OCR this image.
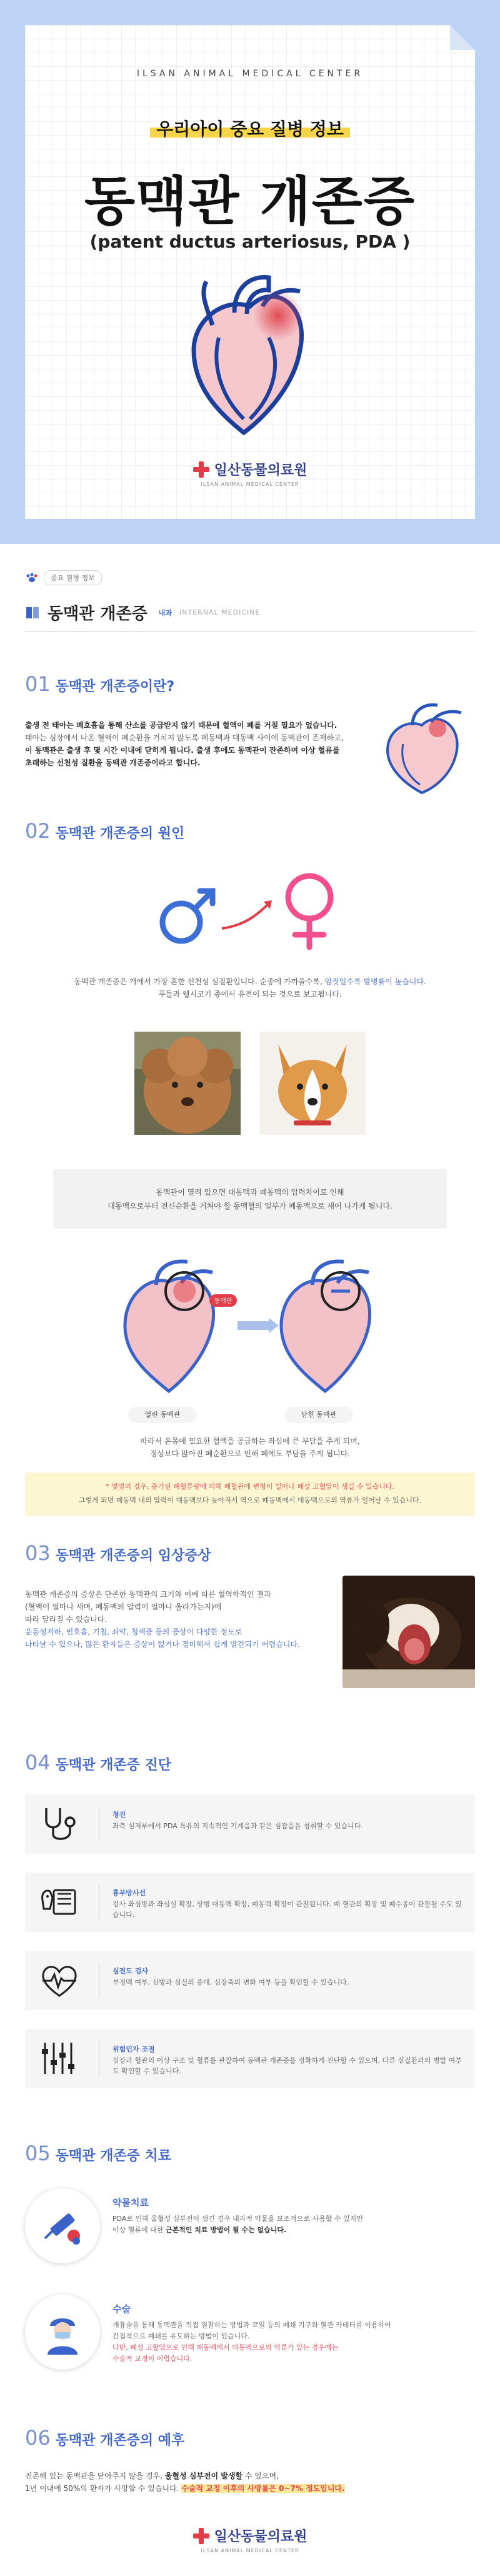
ILSAN ANIMAL MEDICAL CENTER
우리아이 중요 질병 정보
동맥관 개존증
(patent ductus arteriosus, PDA )
일산동물의료원
ILSAN ANIMAL MEDICAL CENTER
중요 질병 정보
동맥관 개존증 내과 INTERNAL MEDICINE
01 동맥관 개존증이란?
출생 전 태아는 폐호흡을 통해 산소를 공급받지 않기 때문에 혈액이 폐를 거칠 필요가 없습니다.
태아는 심장에서 나온 혈액이 폐순환을 거치지 않도록 폐동맥과 대동맥 사이에 동맥관이 존재하고,
이 동맥관은 출생 후 몇 시간 이내에 닫히게 됩니다. 출생 후에도 동맥관이 잔존하여 이상 혈류를
초래하는 선천성 질환을 동맥관 개존증이라고 합니다.
02 동맥관 개존증의 원인
동맥관 개존증은 개에서 가장 흔한 선천성 심질환입니다. 순종에 가까울수록, 암컷일수록 발병률이 높습니다.
푸들과 웰시코기 종에서 유전이 되는 것으로 보고됩니다.
동맥관이 열려 있으면 대동맥과 폐동맥의 압력차이로 인해
대동맥으로부터 전신순환을 거쳐야 할 동맥혈의 일부가 폐동맥으로 새어 나가게 됩니다.
동맥관
열린 동맥관	닫힌 동맥관
따라서 온몸에 필요한 혈액을 공급하는 좌심에 큰 부담을 주게 되며,
정상보다 많아진 폐순환으로 인해 폐에도 부담을 주게 됩니다.
* 몇몇의 경우, 증가된 폐혈류량에 의해 폐혈관에 변형이 일어나 폐성 고혈압이 생길 수 있습니다.
그렇게 되면 폐동맥 내의 압력이 대동맥보다 높아져서 역으로 폐동맥에서 대동맥으로의 역류가 일어날 수 있습니다.
03 동맥관 개존증의 임상증상
동맥관 개존증의 증상은 단존한 동맥관의 크기와 이에 따른 혈역학적인 결과
(혈액이 얼마나 새며, 폐동맥의 압력이 얼마나 올라가는지)에
따라 달라질 수 있습니다.
운동성저하, 빈호흡, 기침, 쇠약, 청색증 등의 증상이 다양한 정도로
나타날 수 있으나, 많은 환자들은 증상이 없거나 경미해서 쉽게 발견되기 어렵습니다.
04 동맥관 개존증 진단
청진
좌측 심저부에서 PDA 특유의 지속적인 기계음과 같은 심잡음을 청취할 수 있습니다.
흉부방사선
검사 좌심방과 좌심실 확장, 상행 대동맥 확장, 폐동맥 확장이 관찰됩니다. 폐 혈관의 확장 및 폐수종이 관찰될 수도 있습니다.
심전도 검사
부정맥 여부, 심방과 심실의 증대, 심장축의 변화 여부 등을 확인할 수 있습니다.
위험인자 조절
심장과 혈관의 이상 구조 및 혈류를 관찰하여 동맥관 개존증을 정확하게 진단할 수 있으며, 다른 심질환과의 병발 여부도 확인할 수 있습니다.
05 동맥관 개존증 치료
약물치료
PDA로 인해 울혈성 심부전이 생긴 경우 내과적 약물을 보조적으로 사용할 수 있지만
이상 혈류에 대한 근본적인 치료 방법이 될 수는 없습니다.
수술
개흉술을 통해 동맥관을 직접 결찰하는 방법과 코일 등의 폐쇄 기구와 혈관 카테터를 이용하여
간접적으로 폐쇄를 유도하는 방법이 있습니다.
다만, 폐성 고혈압으로 인해 폐동맥에서 대동맥으로의 역류가 있는 경우에는
수술적 교정이 어렵습니다.
06 동맥관 개존증의 예후
진존해 있는 동맥관을 닫아주지 않을 경우, 울혈성 심부전이 발생할 수 있으며,
1년 이내에 50%의 환자가 사망할 수 있습니다. 수술적 교정 이후의 사망률은 0~7% 정도입니다.
일산동물의료원
ILSAN ANIMAL MEDICAL CENTER
